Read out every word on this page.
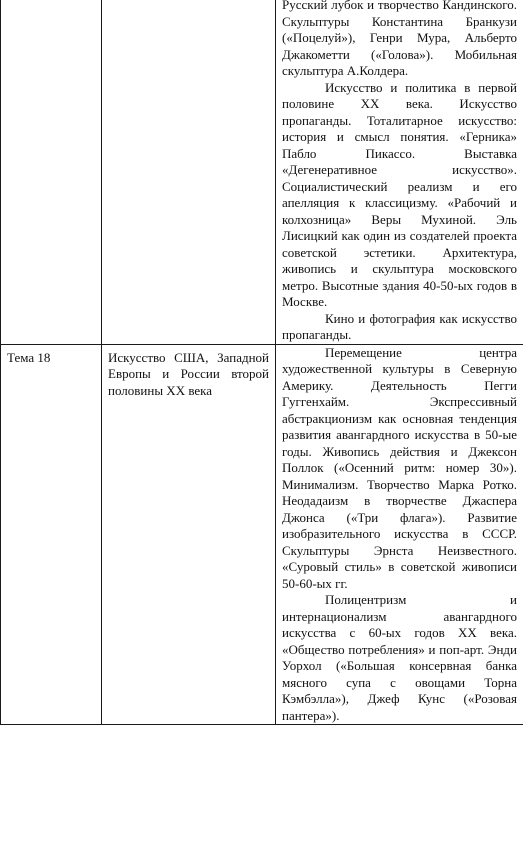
		Русский лубок и творчество Кандинского. Скульптуры Константина Бранкузи («Поцелуй»), Генри Мура, Альберто Джакометти («Голова»). Мобильная скульптура А.Колдера.

Искусство и политика в первой половине XX века. Искусство пропаганды. Тоталитарное искусство: история и смысл понятия. «Герника» Пабло Пикассо. Выставка «Дегенеративное искусство». Социалистический реализм и его апелляция к классицизму. «Рабочий и колхозница» Веры Мухиной. Эль Лисицкий как один из создателей проекта советской эстетики. Архитектура, живопись и скульптура московского метро. Высотные здания 40-50-ых годов в Москве.

Кино и фотография как искусство пропаганды.

Тема 18	Искусство США, Западной Европы и России второй половины XX века	Перемещение центра художественной культуры в Северную Америку. Деятельность Пегги Гуггенхайм. Экспрессивный абстракционизм как основная тенденция развития авангардного искусства в 50-ые годы. Живопись действия и Джексон Поллок («Осенний ритм: номер 30»). Минимализм. Творчество Марка Ротко. Неодадаизм в творчестве Джаспера Джонса («Три флага»). Развитие изобразительного искусства в СССР. Скульптуры Эрнста Неизвестного. «Суровый стиль» в советской живописи 50-60-ых гг.

Полицентризм и интернационализм авангардного искусства с 60-ых годов XX века. «Общество потребления» и поп-арт. Энди Уорхол («Большая консервная банка мясного супа с овощами Торна Кэмбэлла»), Джеф Кунс («Розовая пантера»).
